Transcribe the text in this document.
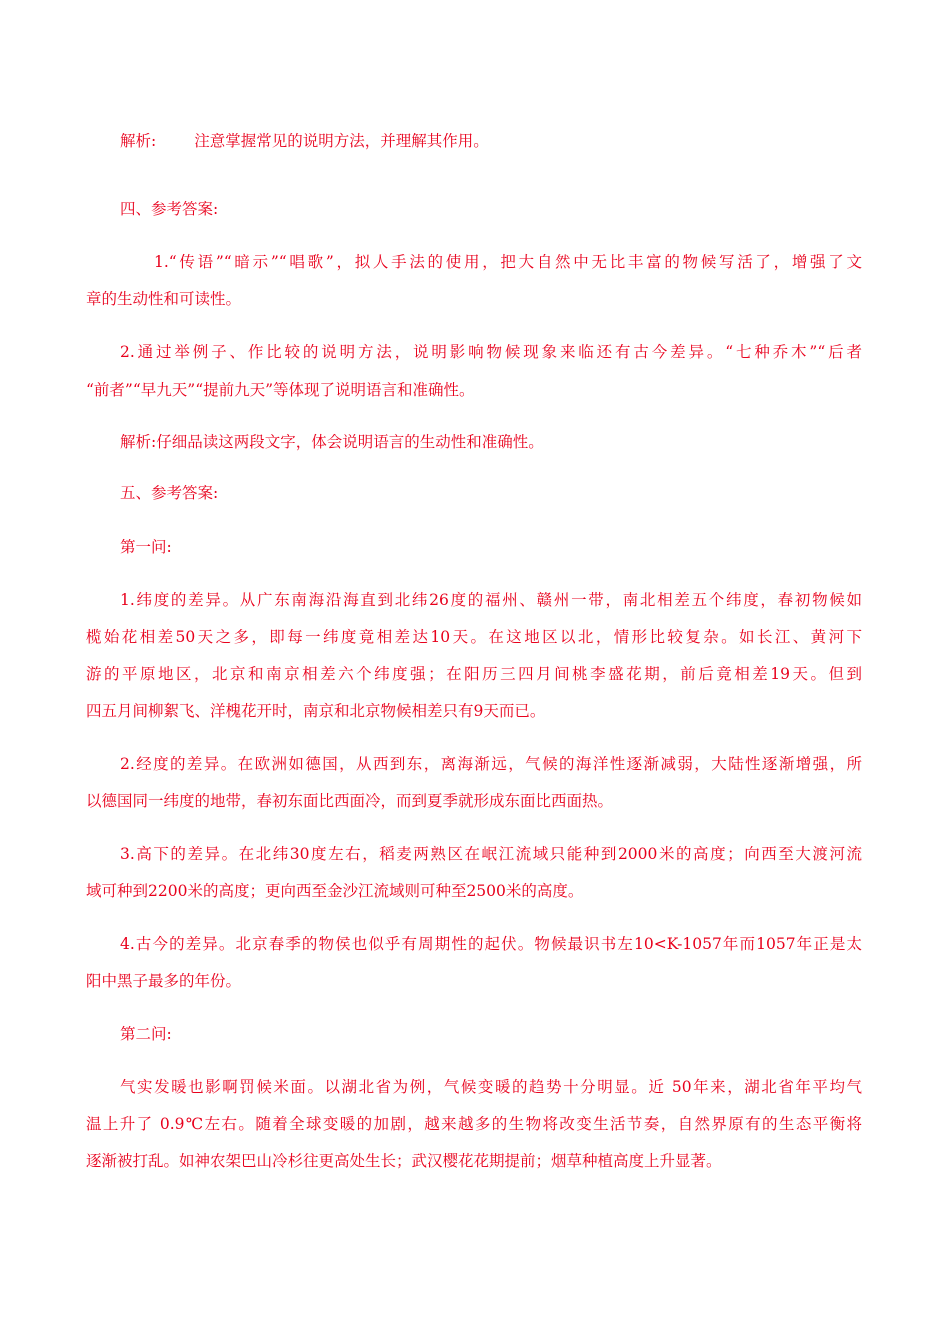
解析: 注意掌握常见的说明方法，并理解其作用。
四、参考答案:
1.“传语”“暗示”“唱歌”，拟人手法的使用，把大自然中无比丰富的物候写活了，增强了文
章的生动性和可读性。
2.通过举例子、作比较的说明方法，说明影响物候现象来临还有古今差异。“七种乔木”“后者
“前者”“早九天”“提前九天”等体现了说明语言和准确性。
解析:仔细品读这两段文字，体会说明语言的生动性和准确性。
五、参考答案:
第一问:
1.纬度的差异。从广东南海沿海直到北纬26度的福州、赣州一带，南北相差五个纬度，春初物候如
榄始花相差50天之多，即每一纬度竟相差达10天。在这地区以北，情形比较复杂。如长江、黄河下
游的平原地区，北京和南京相差六个纬度强；在阳历三四月间桃李盛花期，前后竟相差19天。但到
四五月间柳絮飞、洋槐花开时，南京和北京物候相差只有9天而已。
2.经度的差异。在欧洲如德国，从西到东，离海渐远，气候的海洋性逐渐减弱，大陆性逐渐增强，所
以德国同一纬度的地带，春初东面比西面冷，而到夏季就形成东面比西面热。
3.高下的差异。在北纬30度左右，稻麦两熟区在岷江流域只能种到2000米的高度；向西至大渡河流
域可种到2200米的高度；更向西至金沙江流域则可种至2500米的高度。
4.古今的差异。北京春季的物侯也似乎有周期性的起伏。物候最识书左10<K-1057年而1057年正是太
阳中黑子最多的年份。
第二问:
气实发暖也影啊罚候米面。以湖北省为例，气候变暖的趋势十分明显。近 50年来，湖北省年平均气
温上升了 0.9℃左右。随着全球变暖的加剧，越来越多的生物将改变生活节奏，自然界原有的生态平衡将
逐渐被打乱。如神农架巴山冷杉往更高处生长；武汉樱花花期提前；烟草种植高度上升显著。
